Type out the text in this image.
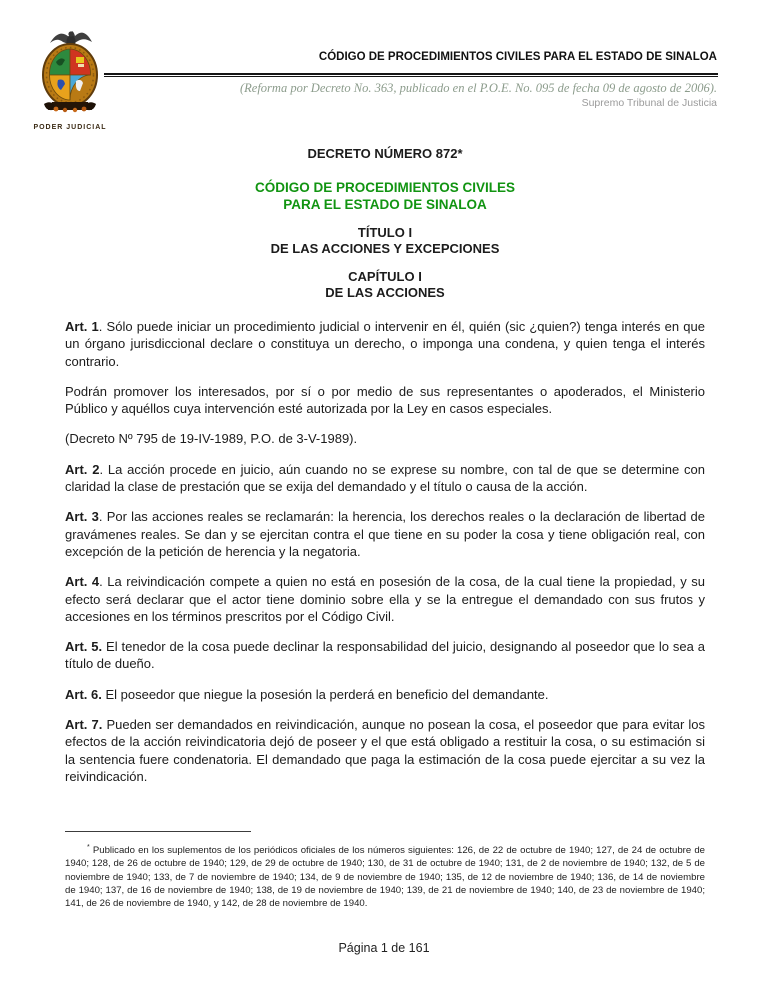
PODER JUDICIAL
CÓDIGO DE PROCEDIMIENTOS CIVILES PARA EL ESTADO DE SINALOA
(Reforma por Decreto No. 363, publicado en el P.O.E. No. 095 de fecha 09 de agosto de 2006).
Supremo Tribunal de Justicia
DECRETO NÚMERO 872*
CÓDIGO DE PROCEDIMIENTOS CIVILES
PARA EL ESTADO DE SINALOA
TÍTULO I
DE LAS ACCIONES Y EXCEPCIONES
CAPÍTULO I
DE LAS ACCIONES

Art. 1. Sólo puede iniciar un procedimiento judicial o intervenir en él, quién (sic ¿quien?) tenga interés en que un órgano jurisdiccional declare o constituya un derecho, o imponga una condena, y quien tenga el interés contrario.

Podrán promover los interesados, por sí o por medio de sus representantes o apoderados, el Ministerio Público y aquéllos cuya intervención esté autorizada por la Ley en casos especiales.

(Decreto Nº 795 de 19-IV-1989, P.O. de 3-V-1989).

Art. 2. La acción procede en juicio, aún cuando no se exprese su nombre, con tal de que se determine con claridad la clase de prestación que se exija del demandado y el título o causa de la acción.

Art. 3. Por las acciones reales se reclamarán: la herencia, los derechos reales o la declaración de libertad de gravámenes reales. Se dan y se ejercitan contra el que tiene en su poder la cosa y tiene obligación real, con excepción de la petición de herencia y la negatoria.

Art. 4. La reivindicación compete a quien no está en posesión de la cosa, de la cual tiene la propiedad, y su efecto será declarar que el actor tiene dominio sobre ella y se la entregue el demandado con sus frutos y accesiones en los términos prescritos por el Código Civil.

Art. 5. El tenedor de la cosa puede declinar la responsabilidad del juicio, designando al poseedor que lo sea a título de dueño.

Art. 6. El poseedor que niegue la posesión la perderá en beneficio del demandante.

Art. 7. Pueden ser demandados en reivindicación, aunque no posean la cosa, el poseedor que para evitar los efectos de la acción reivindicatoria dejó de poseer y el que está obligado a restituir la cosa, o su estimación si la sentencia fuere condenatoria. El demandado que paga la estimación de la cosa puede ejercitar a su vez la reivindicación.

* Publicado en los suplementos de los periódicos oficiales de los números siguientes: 126, de 22 de octubre de 1940; 127, de 24 de octubre de 1940; 128, de 26 de octubre de 1940; 129, de 29 de octubre de 1940; 130, de 31 de octubre de 1940; 131, de 2 de noviembre de 1940; 132, de 5 de noviembre de 1940; 133, de 7 de noviembre de 1940; 134, de 9 de noviembre de 1940; 135, de 12 de noviembre de 1940; 136, de 14 de noviembre de 1940; 137, de 16 de noviembre de 1940; 138, de 19 de noviembre de 1940; 139, de 21 de noviembre de 1940; 140, de 23 de noviembre de 1940; 141, de 26 de noviembre de 1940, y 142, de 28 de noviembre de 1940.
Página 1 de 161
